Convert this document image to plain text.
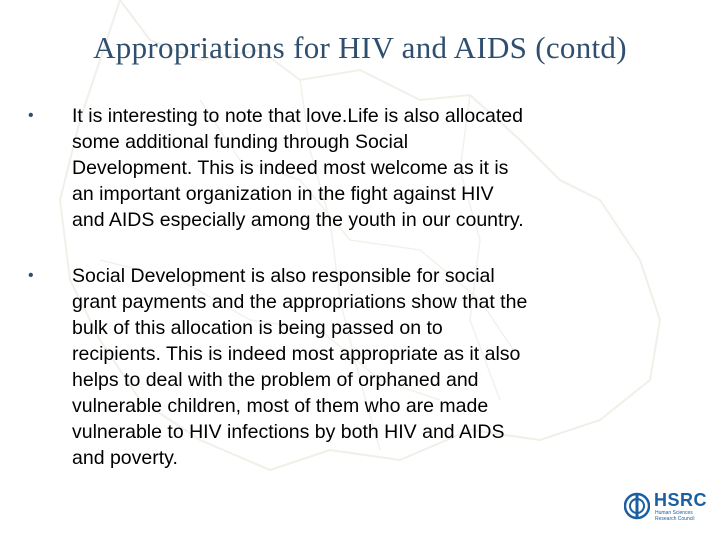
Appropriations for HIV and AIDS (contd)
• It is interesting to note that love.Life is also allocated
some additional funding through Social
Development. This is indeed most welcome as it is
an important organization in the fight against HIV
and AIDS especially among the youth in our country.
• Social Development is also responsible for social
grant payments and the appropriations show that the
bulk of this allocation is being passed on to
recipients. This is indeed most appropriate as it also
helps to deal with the problem of orphaned and
vulnerable children, most of them who are made
vulnerable to HIV infections by both HIV and AIDS
and poverty.
HSRC
Human Sciences
Research Council
